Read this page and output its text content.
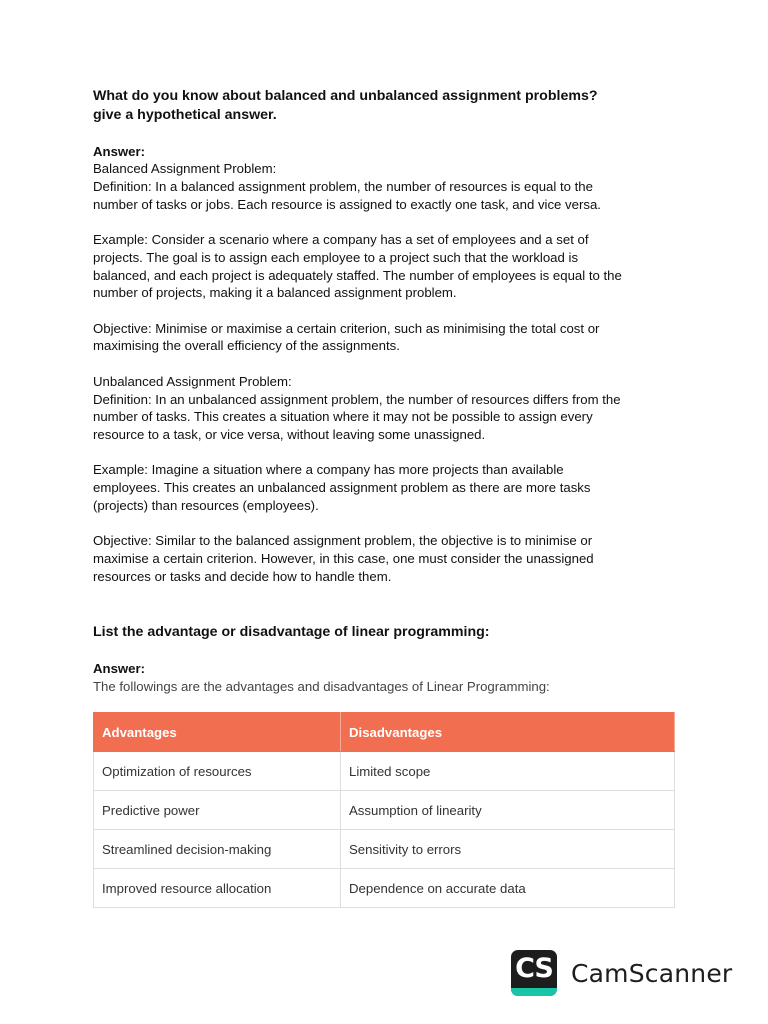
What do you know about balanced and unbalanced assignment problems?
give a hypothetical answer.

Answer:

Balanced Assignment Problem:

Definition: In a balanced assignment problem, the number of resources is equal to the

number of tasks or jobs. Each resource is assigned to exactly one task, and vice versa.

Example: Consider a scenario where a company has a set of employees and a set of

projects. The goal is to assign each employee to a project such that the workload is

balanced, and each project is adequately staffed. The number of employees is equal to the

number of projects, making it a balanced assignment problem.

Objective: Minimise or maximise a certain criterion, such as minimising the total cost or

maximising the overall efficiency of the assignments.

Unbalanced Assignment Problem:

Definition: In an unbalanced assignment problem, the number of resources differs from the

number of tasks. This creates a situation where it may not be possible to assign every

resource to a task, or vice versa, without leaving some unassigned.

Example: Imagine a situation where a company has more projects than available

employees. This creates an unbalanced assignment problem as there are more tasks

(projects) than resources (employees).

Objective: Similar to the balanced assignment problem, the objective is to minimise or

maximise a certain criterion. However, in this case, one must consider the unassigned

resources or tasks and decide how to handle them.

List the advantage or disadvantage of linear programming:

Answer:

The followings are the advantages and disadvantages of Linear Programming:

Advantages	Disadvantages
Optimization of resources	Limited scope
Predictive power	Assumption of linearity
Streamlined decision-making	Sensitivity to errors
Improved resource allocation	Dependence on accurate data
CS CamScanner
